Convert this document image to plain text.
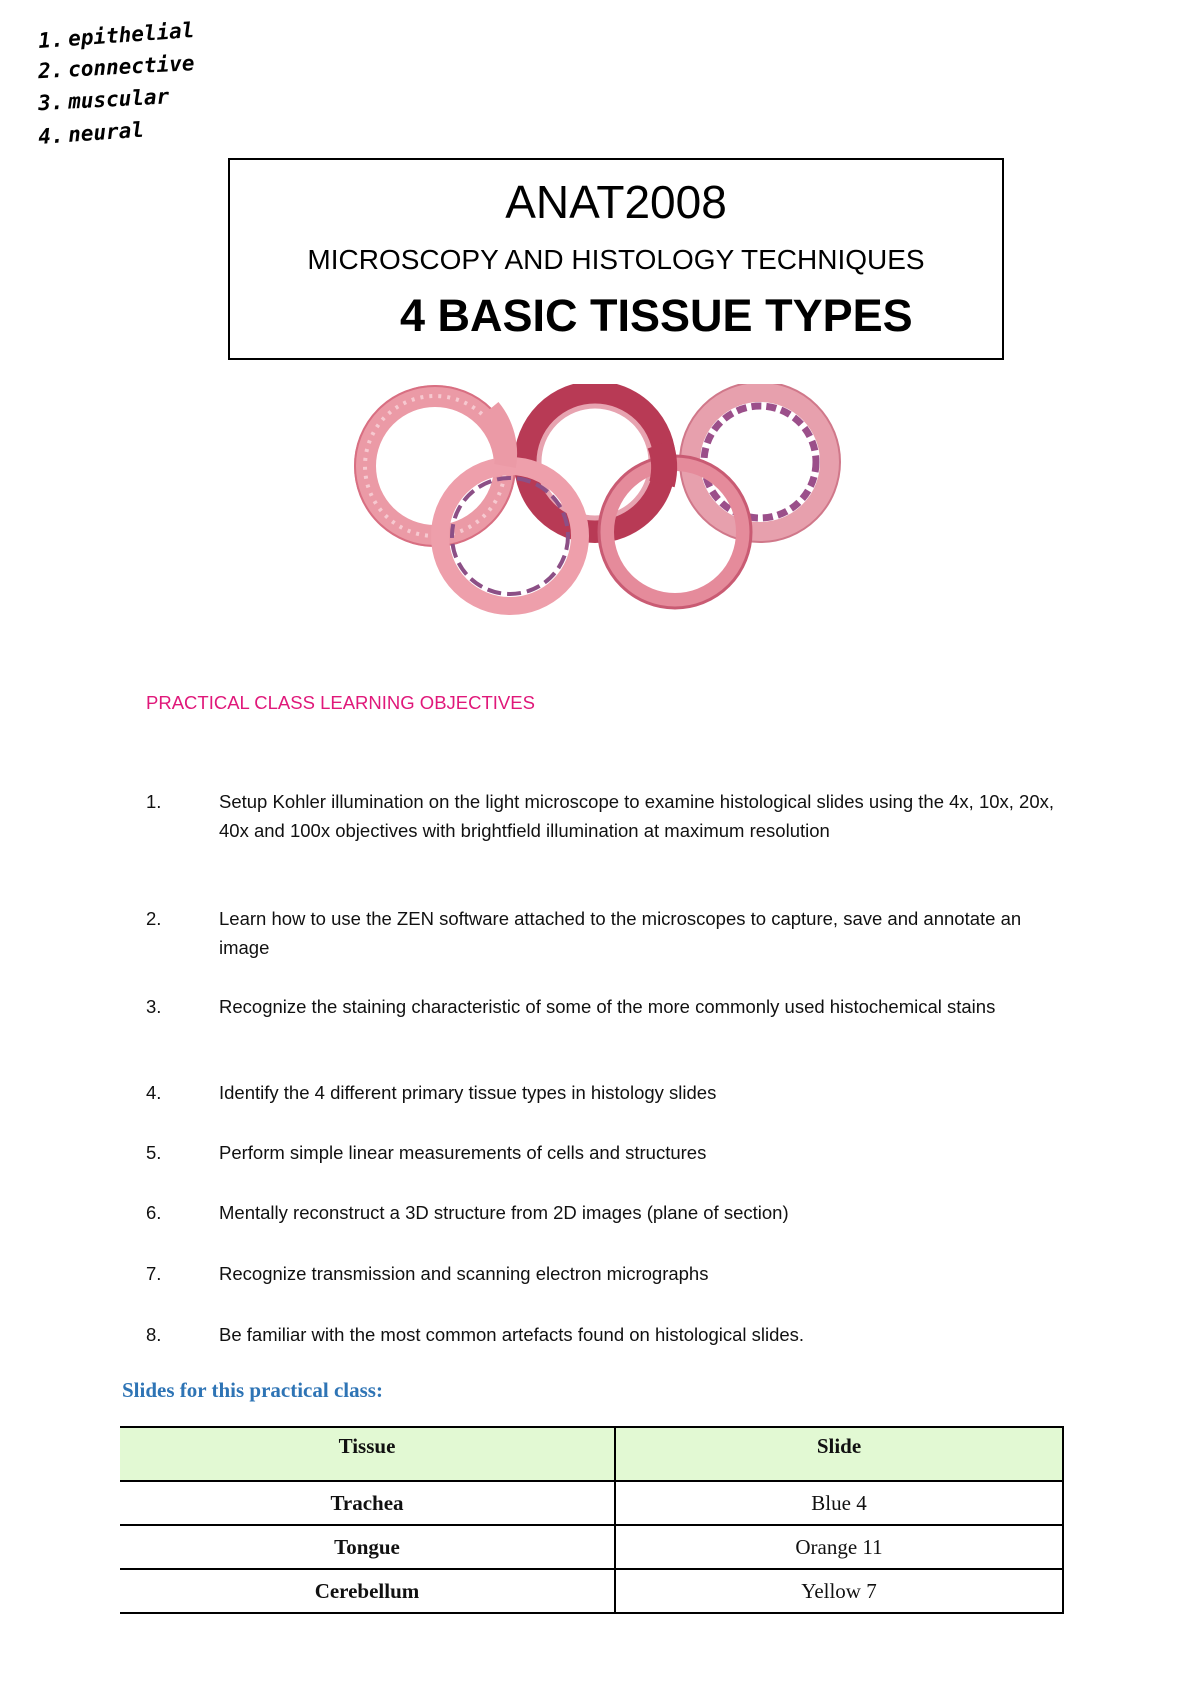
1. epithelial
2. connective
3. muscular
4. neural
ANAT2008
MICROSCOPY AND HISTOLOGY TECHNIQUES
4 BASIC TISSUE TYPES
PRACTICAL CLASS LEARNING OBJECTIVES
1.	Setup Kohler illumination on the light microscope to examine histological slides using the 4x, 10x, 20x, 40x and 100x objectives with brightfield illumination at maximum resolution
2.	Learn how to use the ZEN software attached to the microscopes to capture, save and annotate an image
3.	Recognize the staining characteristic of some of the more commonly used histochemical stains
4.	Identify the 4 different primary tissue types in histology slides
5.	Perform simple linear measurements of cells and structures
6.	Mentally reconstruct a 3D structure from 2D images (plane of section)
7.	Recognize transmission and scanning electron micrographs
8.	Be familiar with the most common artefacts found on histological slides.
Slides for this practical class:
Tissue	Slide
Trachea	Blue 4
Tongue	Orange 11
Cerebellum	Yellow 7
